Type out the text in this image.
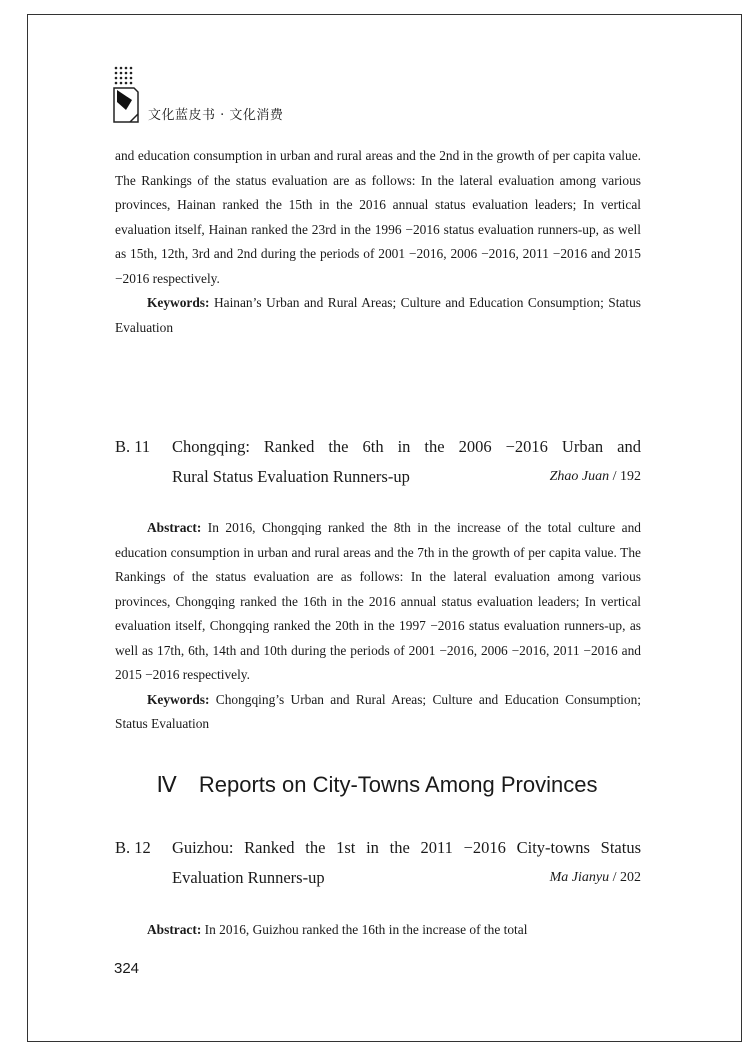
文化蓝皮书 · 文化消费

and education consumption in urban and rural areas and the 2nd in the growth of per capita value. The Rankings of the status evaluation are as follows: In the lateral evaluation among various provinces, Hainan ranked the 15th in the 2016 annual status evaluation leaders; In vertical evaluation itself, Hainan ranked the 23rd in the 1996 −2016 status evaluation runners-up, as well as 15th, 12th, 3rd and 2nd during the periods of 2001 −2016, 2006 −2016, 2011 −2016 and 2015 −2016 respectively.

Keywords: Hainan’s Urban and Rural Areas; Culture and Education Consumption; Status Evaluation

B. 11 Chongqing: Ranked the 6th in the 2006 −2016 Urban and
Rural Status Evaluation Runners-up	Zhao Juan / 192

Abstract: In 2016, Chongqing ranked the 8th in the increase of the total culture and education consumption in urban and rural areas and the 7th in the growth of per capita value. The Rankings of the status evaluation are as follows: In the lateral evaluation among various provinces, Chongqing ranked the 16th in the 2016 annual status evaluation leaders; In vertical evaluation itself, Chongqing ranked the 20th in the 1997 −2016 status evaluation runners-up, as well as 17th, 6th, 14th and 10th during the periods of 2001 −2016, 2006 −2016, 2011 −2016 and 2015 −2016 respectively.

Keywords: Chongqing’s Urban and Rural Areas; Culture and Education Consumption; Status Evaluation

Ⅳ Reports on City-Towns Among Provinces
B. 12 Guizhou: Ranked the 1st in the 2011 −2016 City-towns Status
Evaluation Runners-up	Ma Jianyu / 202

Abstract: In 2016, Guizhou ranked the 16th in the increase of the total

324
